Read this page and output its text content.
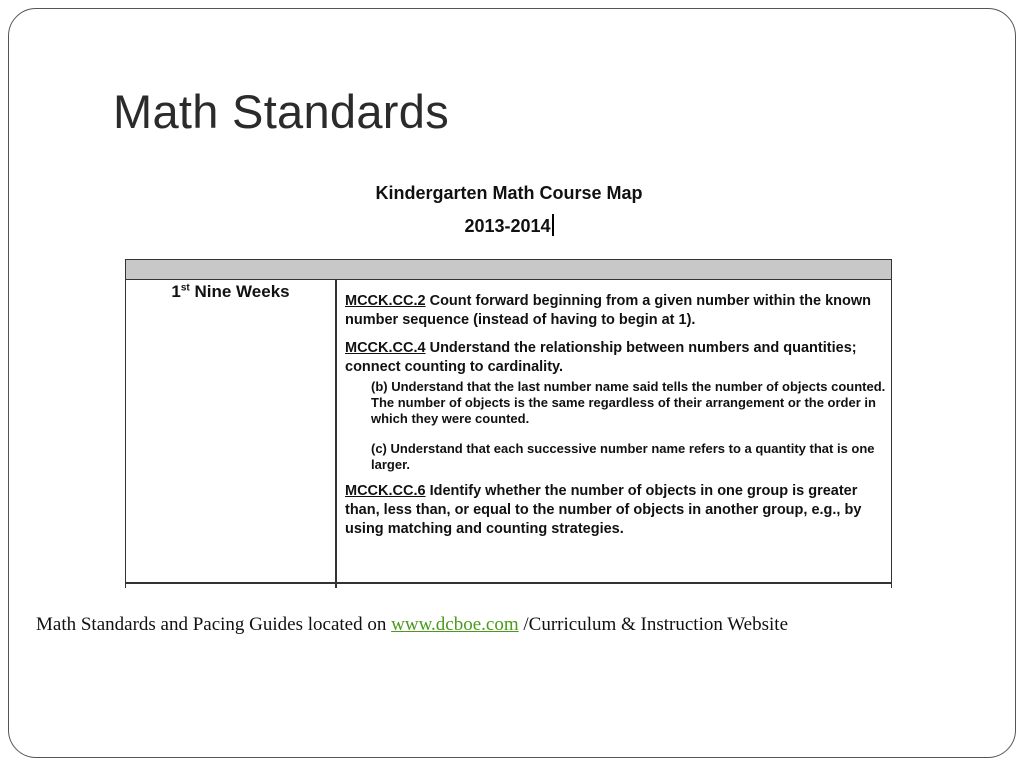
Math Standards
Kindergarten Math Course Map
2013-2014
1st Nine Weeks	MCCK.CC.2 Count forward beginning from a given number within the known number sequence (instead of having to begin at 1).
MCCK.CC.4 Understand the relationship between numbers and quantities; connect counting to cardinality.
(b) Understand that the last number name said tells the number of objects counted. The number of objects is the same regardless of their arrangement or the order in which they were counted.
(c) Understand that each successive number name refers to a quantity that is one larger.
MCCK.CC.6 Identify whether the number of objects in one group is greater than, less than, or equal to the number of objects in another group, e.g., by using matching and counting strategies.
Math Standards and Pacing Guides located on www.dcboe.com /Curriculum & Instruction Website
